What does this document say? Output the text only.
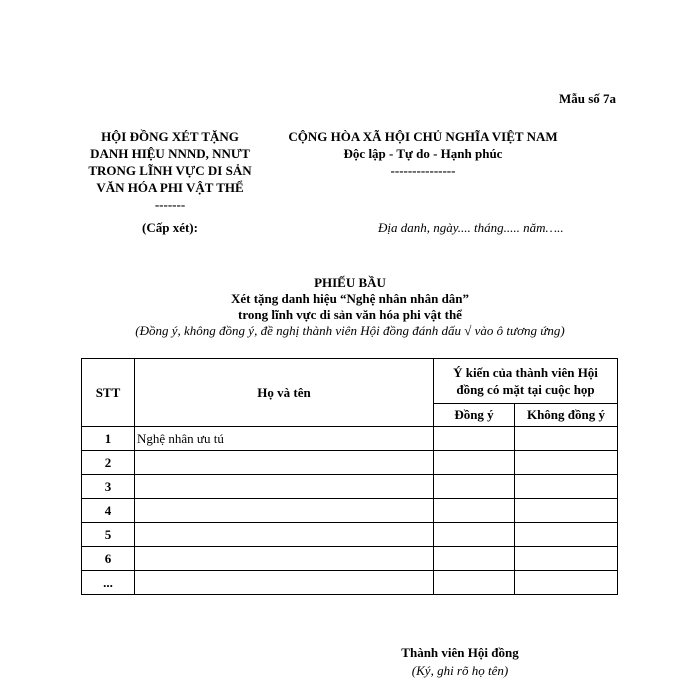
Mẫu số 7a
HỘI ĐỒNG XÉT TẶNG
DANH HIỆU NNND, NNƯT
TRONG LĨNH VỰC DI SẢN
VĂN HÓA PHI VẬT THỂ
-------
CỘNG HÒA XÃ HỘI CHỦ NGHĨA VIỆT NAM
Độc lập - Tự do - Hạnh phúc
---------------
(Cấp xét):	Địa danh, ngày.... tháng..... năm…..
PHIẾU BẦU
Xét tặng danh hiệu “Nghệ nhân nhân dân”
trong lĩnh vực di sản văn hóa phi vật thể
(Đồng ý, không đồng ý, đề nghị thành viên Hội đồng đánh dấu √ vào ô tương ứng)
STT	Họ và tên	Ý kiến của thành viên Hội đồng có mặt tại cuộc họp	
		Đồng ý	Không đồng ý
1	Nghệ nhân ưu tú		
2			
3			
4			
5			
6			
...			
Thành viên Hội đồng
(Ký, ghi rõ họ tên)
